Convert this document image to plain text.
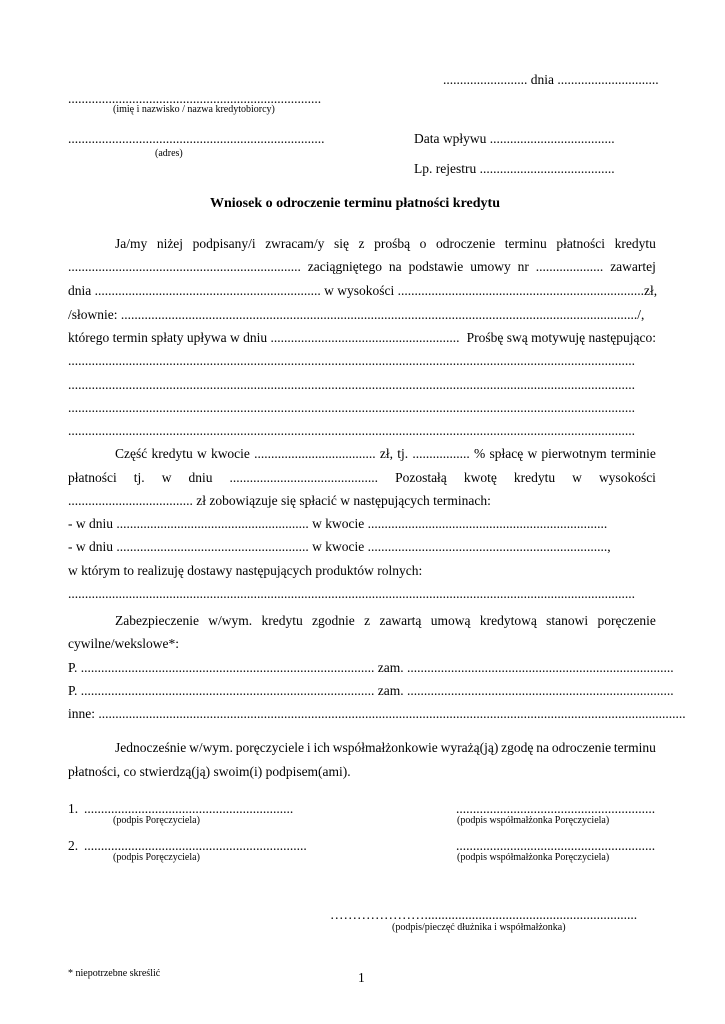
......................... dnia ..............................
...........................................................................
(imię i nazwisko / nazwa kredytobiorcy)
............................................................................
(adres)
Data wpływu .....................................
Lp. rejestru ........................................
Wniosek o odroczenie terminu płatności kredytu
Ja/my niżej podpisany/i zwracam/y się z prośbą o odroczenie terminu płatności kredytu
..................................................................... zaciągniętego na podstawie umowy nr .................... zawartej
dnia ................................................................... w wysokości ......................................................................... zł,
/słownie: ........................................................................................................................................................./,
którego termin spłaty upływa w dniu ........................................................ Prośbę swą motywuję następująco:
........................................................................................................................................................................
........................................................................................................................................................................
........................................................................................................................................................................
........................................................................................................................................................................
Część kredytu w kwocie .................................... zł, tj. ................. % spłacę w pierwotnym terminie
płatności tj. w dniu ............................................ Pozostałą kwotę kredytu w wysokości
..................................... zł zobowiązuje się spłacić w następujących terminach:
- w dniu ......................................................... w kwocie .......................................................................
- w dniu ......................................................... w kwocie .......................................................................,
w którym to realizuję dostawy następujących produktów rolnych:
........................................................................................................................................................................
Zabezpieczenie w/wym. kredytu zgodnie z zawartą umową kredytową stanowi poręczenie
cywilne/wekslowe*:
P. ....................................................................................... zam. ...............................................................................
P. ....................................................................................... zam. ...............................................................................
inne: ..............................................................................................................................................................................
Jednocześnie w/wym. poręczyciele i ich współmałżonkowie wyrażą(ją) zgodę na odroczenie terminu
płatności, co stwierdzą(ją) swoim(i) podpisem(ami).
1. ..............................................................
(podpis Poręczyciela)
...........................................................
(podpis współmałżonka Poręczyciela)
2. ..................................................................
(podpis Poręczyciela)
...........................................................
(podpis współmałżonka Poręczyciela)
…………………...............................................................
(podpis/pieczęć dłużnika i współmałżonka)
* niepotrzebne skreślić	1
